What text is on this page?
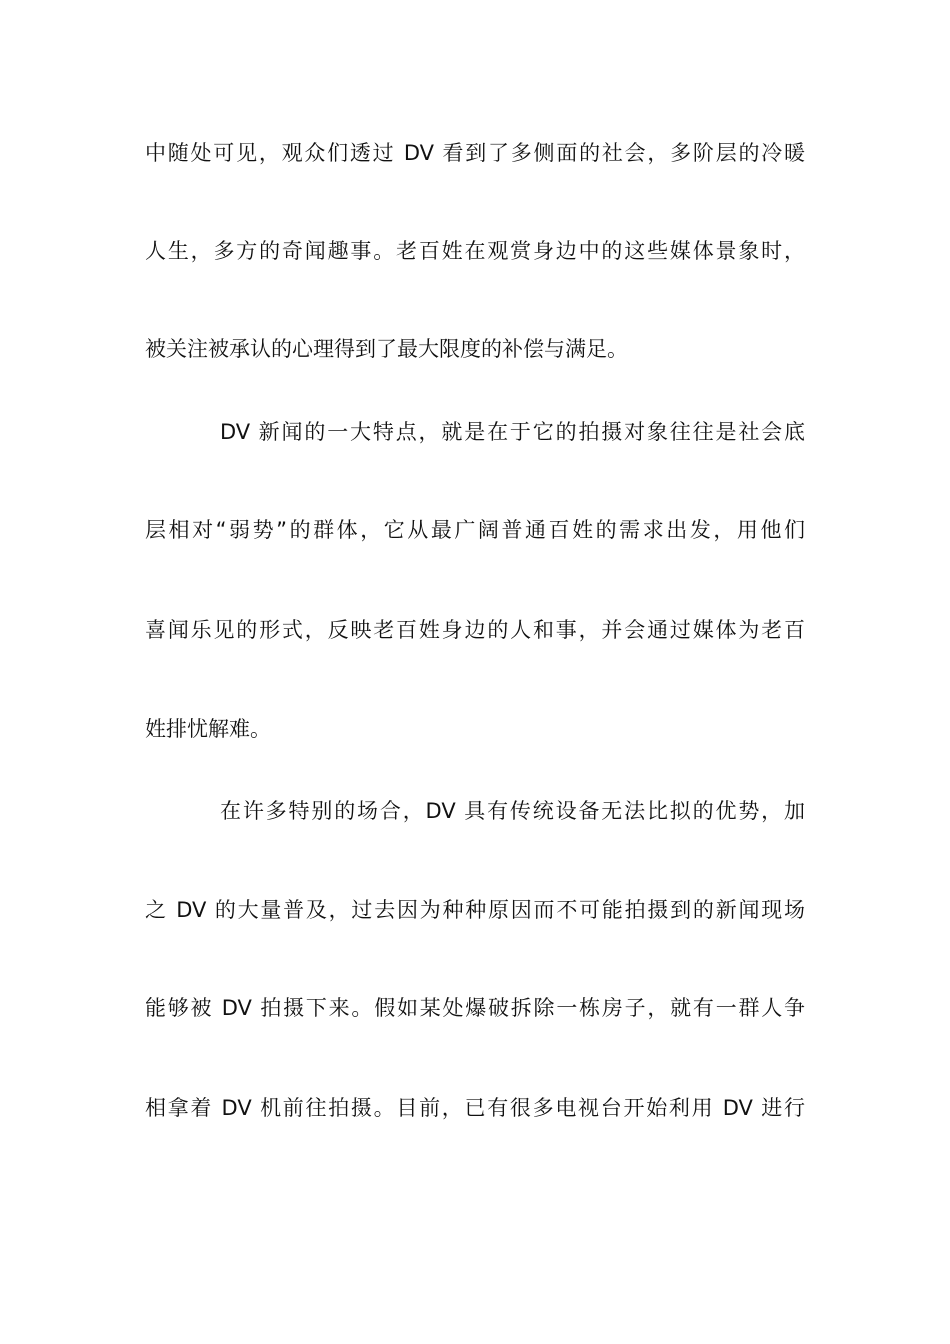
中随处可见，观众们透过 DV 看到了多侧面的社会，多阶层的冷暖
人生，多方的奇闻趣事。老百姓在观赏身边中的这些媒体景象时，
被关注被承认的心理得到了最大限度的补偿与满足。
DV 新闻的一大特点，就是在于它的拍摄对象往往是社会底
层相对“弱势”的群体，它从最广阔普通百姓的需求出发，用他们
喜闻乐见的形式，反映老百姓身边的人和事，并会通过媒体为老百
姓排忧解难。
在许多特别的场合，DV 具有传统设备无法比拟的优势，加
之 DV 的大量普及，过去因为种种原因而不可能拍摄到的新闻现场
能够被 DV 拍摄下来。假如某处爆破拆除一栋房子，就有一群人争
相拿着 DV 机前往拍摄。目前，已有很多电视台开始利用 DV 进行
